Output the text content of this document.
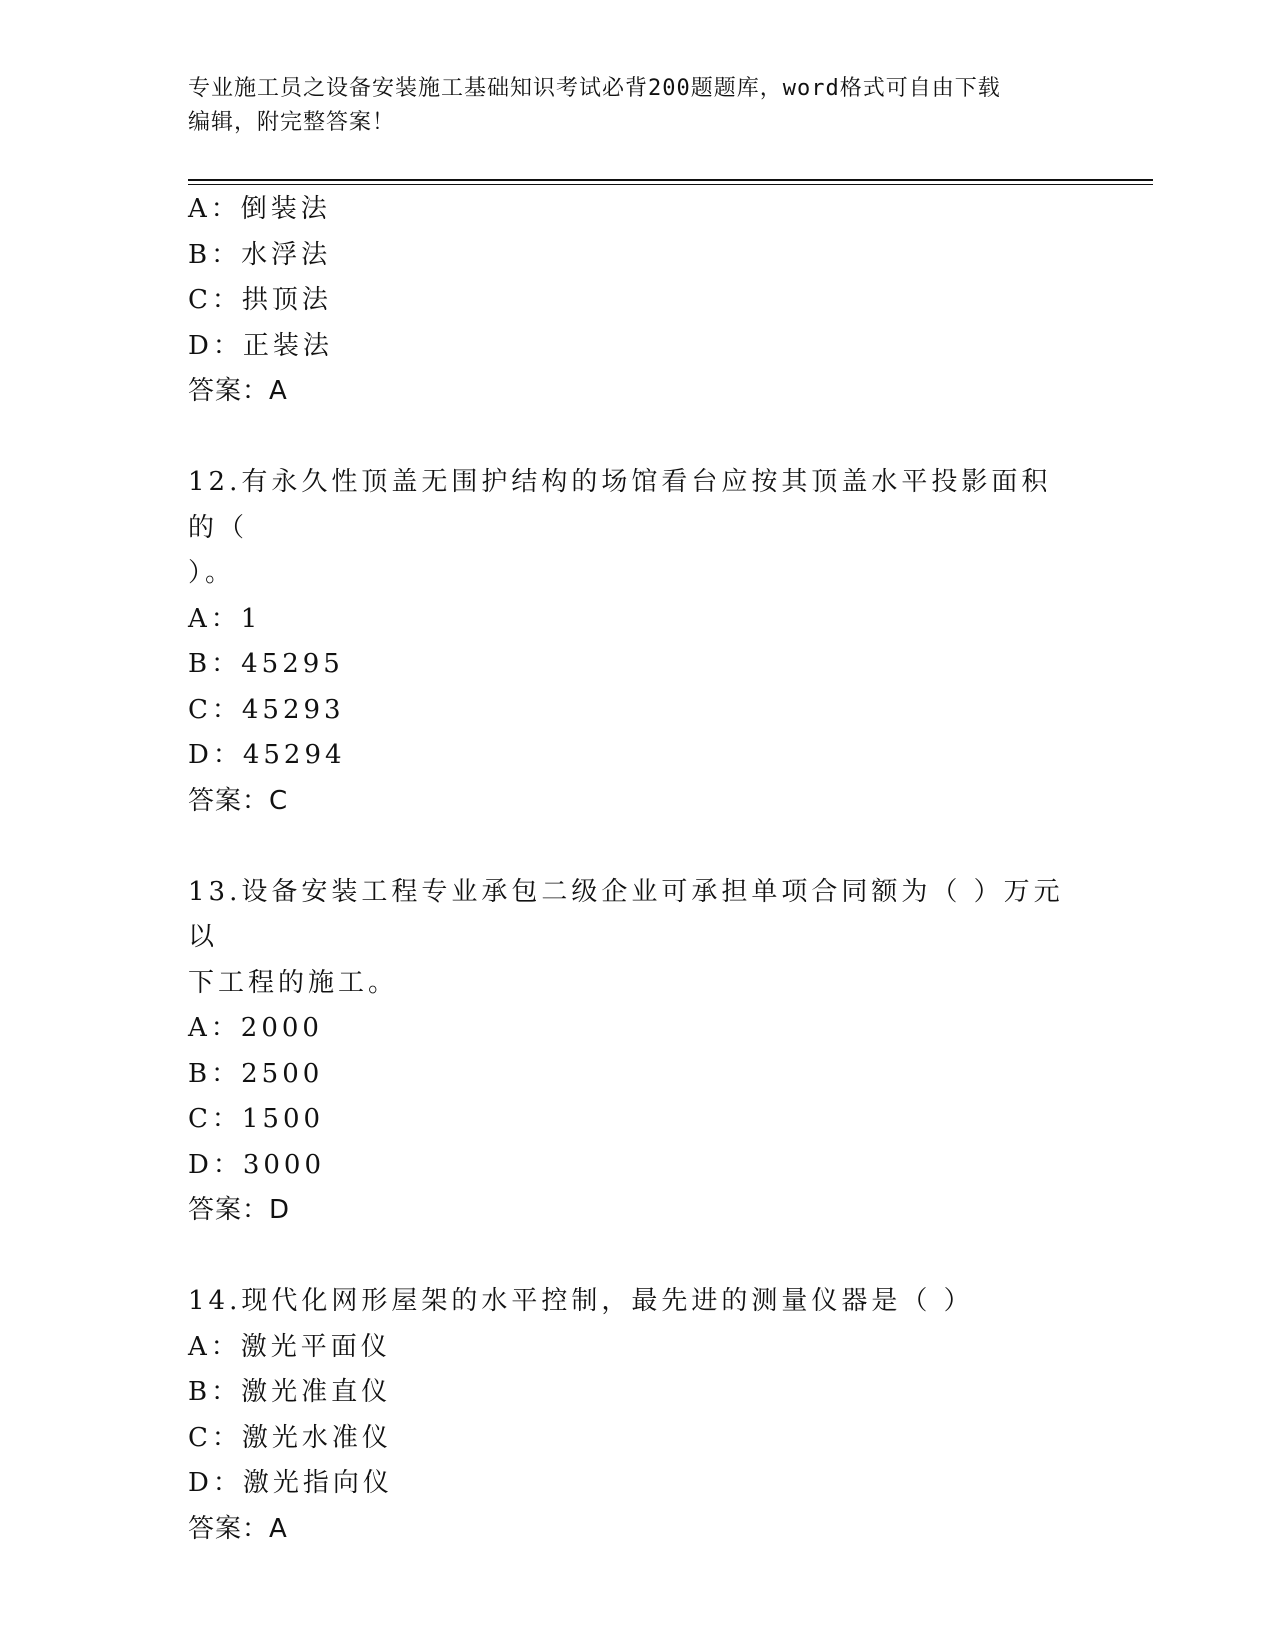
专业施工员之设备安装施工基础知识考试必背200题题库，word格式可自由下载
编辑，附完整答案！
A：倒装法
B：水浮法
C：拱顶法
D：正装法
答案：A
12.有永久性顶盖无围护结构的场馆看台应按其顶盖水平投影面积的（
）。
A：1
B：45295
C：45293
D：45294
答案：C
13.设备安装工程专业承包二级企业可承担单项合同额为（ ）万元以
下工程的施工。
A：2000
B：2500
C：1500
D：3000
答案：D
14.现代化网形屋架的水平控制，最先进的测量仪器是（ ）
A：激光平面仪
B：激光准直仪
C：激光水准仪
D：激光指向仪
答案：A
